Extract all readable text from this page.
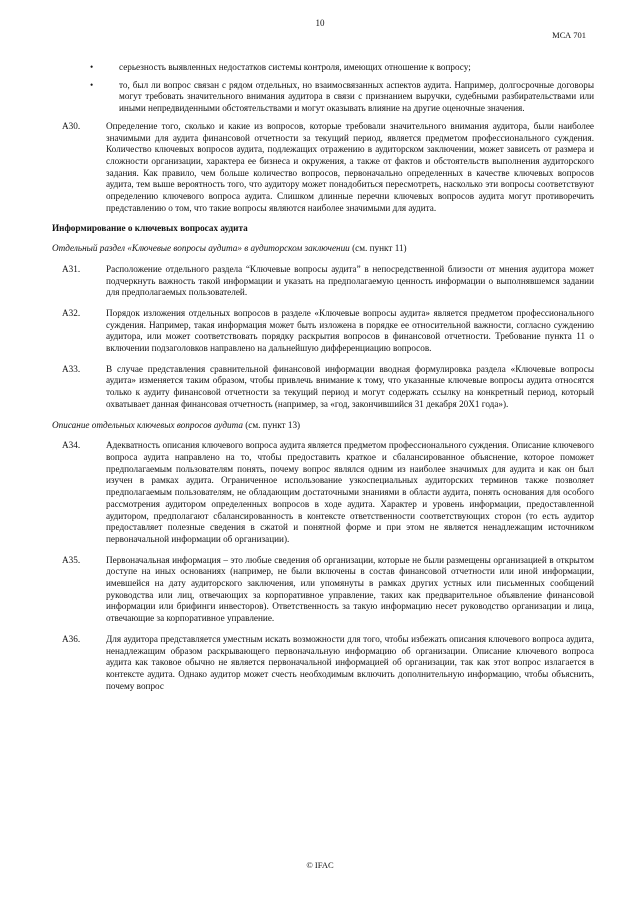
10
МСА 701
•	серьезность выявленных недостатков системы контроля, имеющих отношение к вопросу;
•	то, был ли вопрос связан с рядом отдельных, но взаимосвязанных аспектов аудита. Например, долгосрочные договоры могут требовать значительного внимания аудитора в связи с признанием выручки, судебными разбирательствами или иными непредвиденными обстоятельствами и могут оказывать влияние на другие оценочные значения.
А30.	Определение того, сколько и какие из вопросов, которые требовали значительного внимания аудитора, были наиболее значимыми для аудита финансовой отчетности за текущий период, является предметом профессионального суждения. Количество ключевых вопросов аудита, подлежащих отражению в аудиторском заключении, может зависеть от размера и сложности организации, характера ее бизнеса и окружения, а также от фактов и обстоятельств выполнения аудиторского задания. Как правило, чем больше количество вопросов, первоначально определенных в качестве ключевых вопросов аудита, тем выше вероятность того, что аудитору может понадобиться пересмотреть, насколько эти вопросы соответствуют определению ключевого вопроса аудита. Слишком длинные перечни ключевых вопросов аудита могут противоречить представлению о том, что такие вопросы являются наиболее значимыми для аудита.
Информирование о ключевых вопросах аудита
Отдельный раздел «Ключевые вопросы аудита» в аудиторском заключении (см. пункт 11)
А31.	Расположение отдельного раздела “Ключевые вопросы аудита” в непосредственной близости от мнения аудитора может подчеркнуть важность такой информации и указать на предполагаемую ценность информации о выполнявшемся задании для предполагаемых пользователей.
А32.	Порядок изложения отдельных вопросов в разделе «Ключевые вопросы аудита» является предметом профессионального суждения. Например, такая информация может быть изложена в порядке ее относительной важности, согласно суждению аудитора, или может соответствовать порядку раскрытия вопросов в финансовой отчетности. Требование пункта 11 о включении подзаголовков направлено на дальнейшую дифференциацию вопросов.
А33.	В случае представления сравнительной финансовой информации вводная формулировка раздела «Ключевые вопросы аудита» изменяется таким образом, чтобы привлечь внимание к тому, что указанные ключевые вопросы аудита относятся только к аудиту финансовой отчетности за текущий период и могут содержать ссылку на конкретный период, который охватывает данная финансовая отчетность (например, за «год, закончившийся 31 декабря 20Х1 года»).
Описание отдельных ключевых вопросов аудита (см. пункт 13)
А34.	Адекватность описания ключевого вопроса аудита является предметом профессионального суждения. Описание ключевого вопроса аудита направлено на то, чтобы предоставить краткое и сбалансированное объяснение, которое поможет предполагаемым пользователям понять, почему вопрос являлся одним из наиболее значимых для аудита и как он был изучен в рамках аудита. Ограниченное использование узкоспециальных аудиторских терминов также позволяет предполагаемым пользователям, не обладающим достаточными знаниями в области аудита, понять основания для особого рассмотрения аудитором определенных вопросов в ходе аудита. Характер и уровень информации, предоставленной аудитором, предполагают сбалансированность в контексте ответственности соответствующих сторон (то есть аудитор предоставляет полезные сведения в сжатой и понятной форме и при этом не является ненадлежащим источником первоначальной информации об организации).
А35.	Первоначальная информация – это любые сведения об организации, которые не были размещены организацией в открытом доступе на иных основаниях (например, не были включены в состав финансовой отчетности или иной информации, имевшейся на дату аудиторского заключения, или упомянуты в рамках других устных или письменных сообщений руководства или лиц, отвечающих за корпоративное управление, таких как предварительное объявление финансовой информации или брифинги инвесторов). Ответственность за такую информацию несет руководство организации и лица, отвечающие за корпоративное управление.
А36.	Для аудитора представляется уместным искать возможности для того, чтобы избежать описания ключевого вопроса аудита, ненадлежащим образом раскрывающего первоначальную информацию об организации. Описание ключевого вопроса аудита как таковое обычно не является первоначальной информацией об организации, так как этот вопрос излагается в контексте аудита. Однако аудитор может счесть необходимым включить дополнительную информацию, чтобы объяснить, почему вопрос
© IFAC
